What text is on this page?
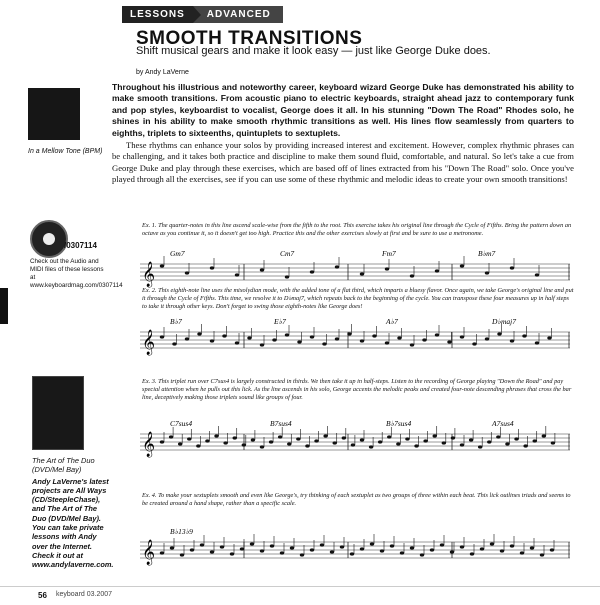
LESSONS	ADVANCED
SMOOTH TRANSITIONS
Shift musical gears and make it look easy — just like George Duke does.
by Andy LaVerne

Throughout his illustrious and noteworthy career, keyboard wizard George Duke has demonstrated his ability to make smooth transitions. From acoustic piano to electric keyboards, straight ahead jazz to contemporary funk and pop styles, keyboardist to vocalist, George does it all. In his stunning "Down The Road" Rhodes solo, he shines in his ability to make smooth rhythmic transitions as well. His lines flow seamlessly from quarters to eighths, triplets to sixteenths, quintuplets to sextuplets.

These rhythms can enhance your solos by providing increased interest and excitement. However, complex rhythmic phrases can be challenging, and it takes both practice and discipline to make them sound fluid, comfortable, and natural. So let's take a cue from George Duke and play through these exercises, which are based off of lines extracted from his "Down The Road" solo. Once you've played through all the exercises, see if you can use some of these rhythmic and melodic ideas to create your own smooth transitions!

In a Mellow Tone (BPM)
/0307114
Check out the Audio and MIDI files of these lessons at www.keyboardmag.com/0307114
The Art of The Duo
(DVD/Mel Bay)
Andy LaVerne's latest projects are All Ways (CD/SteepleChase), and The Art of The Duo (DVD/Mel Bay). You can take private lessons with Andy over the Internet. Check it out at www.andylaverne.com.
Ex. 1. The quarter-notes in this line ascend scale-wise from the fifth to the root. This exercise takes his original line through the Cycle of Fifths. Bring the pattern down an octave as you continue it, so it doesn't get too high. Practice this and the other exercises slowly at first and be sure to use a metronome.
Ex. 2. This eighth-note line uses the mixolydian mode, with the added tone of a flat third, which imparts a bluesy flavor. Once again, we take George's original line and put it through the Cycle of Fifths. This time, we resolve it to D♭maj7, which repeats back to the beginning of the cycle. You can transpose these four measures up in half steps to take it through other keys. Don't forget to swing those eighth-notes like George does!
Ex. 3. This triplet run over C7sus4 is largely constructed in thirds. We then take it up in half-steps. Listen to the recording of George playing "Down the Road" and pay special attention when he pulls out this lick. As the line ascends in his solo, George accents the melodic peaks and created four-note descending phrases that cross the bar line, deceptively making those triplets sound like groups of four.
Ex. 4. To make your sextuplets smooth and even like George's, try thinking of each sextuplet as two groups of three within each beat. This lick outlines triads and seems to be created around a hand shape, rather than a specific scale.
Gm7	Cm7	Fm7	B♭m7
𝄞
B♭7	E♭7	A♭7	D♭maj7
𝄞
C7sus4	B7sus4	B♭7sus4	A7sus4
𝄞
B♭13♭9
𝄞
56 keyboard 03.2007
